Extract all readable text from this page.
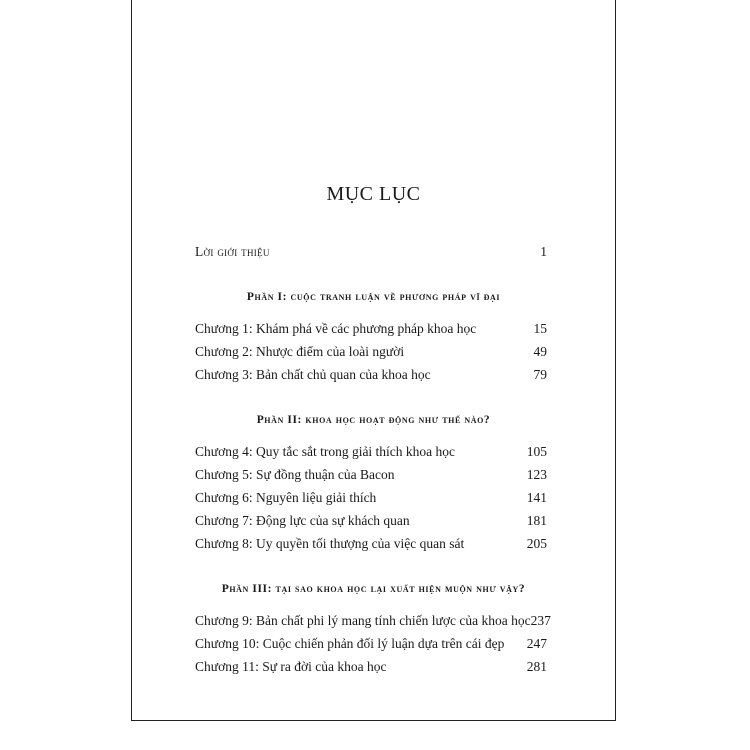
MỤC LỤC
Lời giới thiệu	1
Phần I: cuộc tranh luận về phương pháp vĩ đại
Chương 1: Khám phá về các phương pháp khoa học	15
Chương 2: Nhược điểm của loài người	49
Chương 3: Bản chất chủ quan của khoa học	79
Phần II: khoa học hoạt động như thế nào?
Chương 4: Quy tắc sắt trong giải thích khoa học	105
Chương 5: Sự đồng thuận của Bacon	123
Chương 6: Nguyên liệu giải thích	141
Chương 7: Động lực của sự khách quan	181
Chương 8: Uy quyền tối thượng của việc quan sát	205
Phần III: tại sao khoa học lại xuất hiện muộn như vậy?
Chương 9: Bản chất phi lý mang tính chiến lược của khoa học 237
Chương 10: Cuộc chiến phản đối lý luận dựa trên cái đẹp 247
Chương 11: Sự ra đời của khoa học	281
